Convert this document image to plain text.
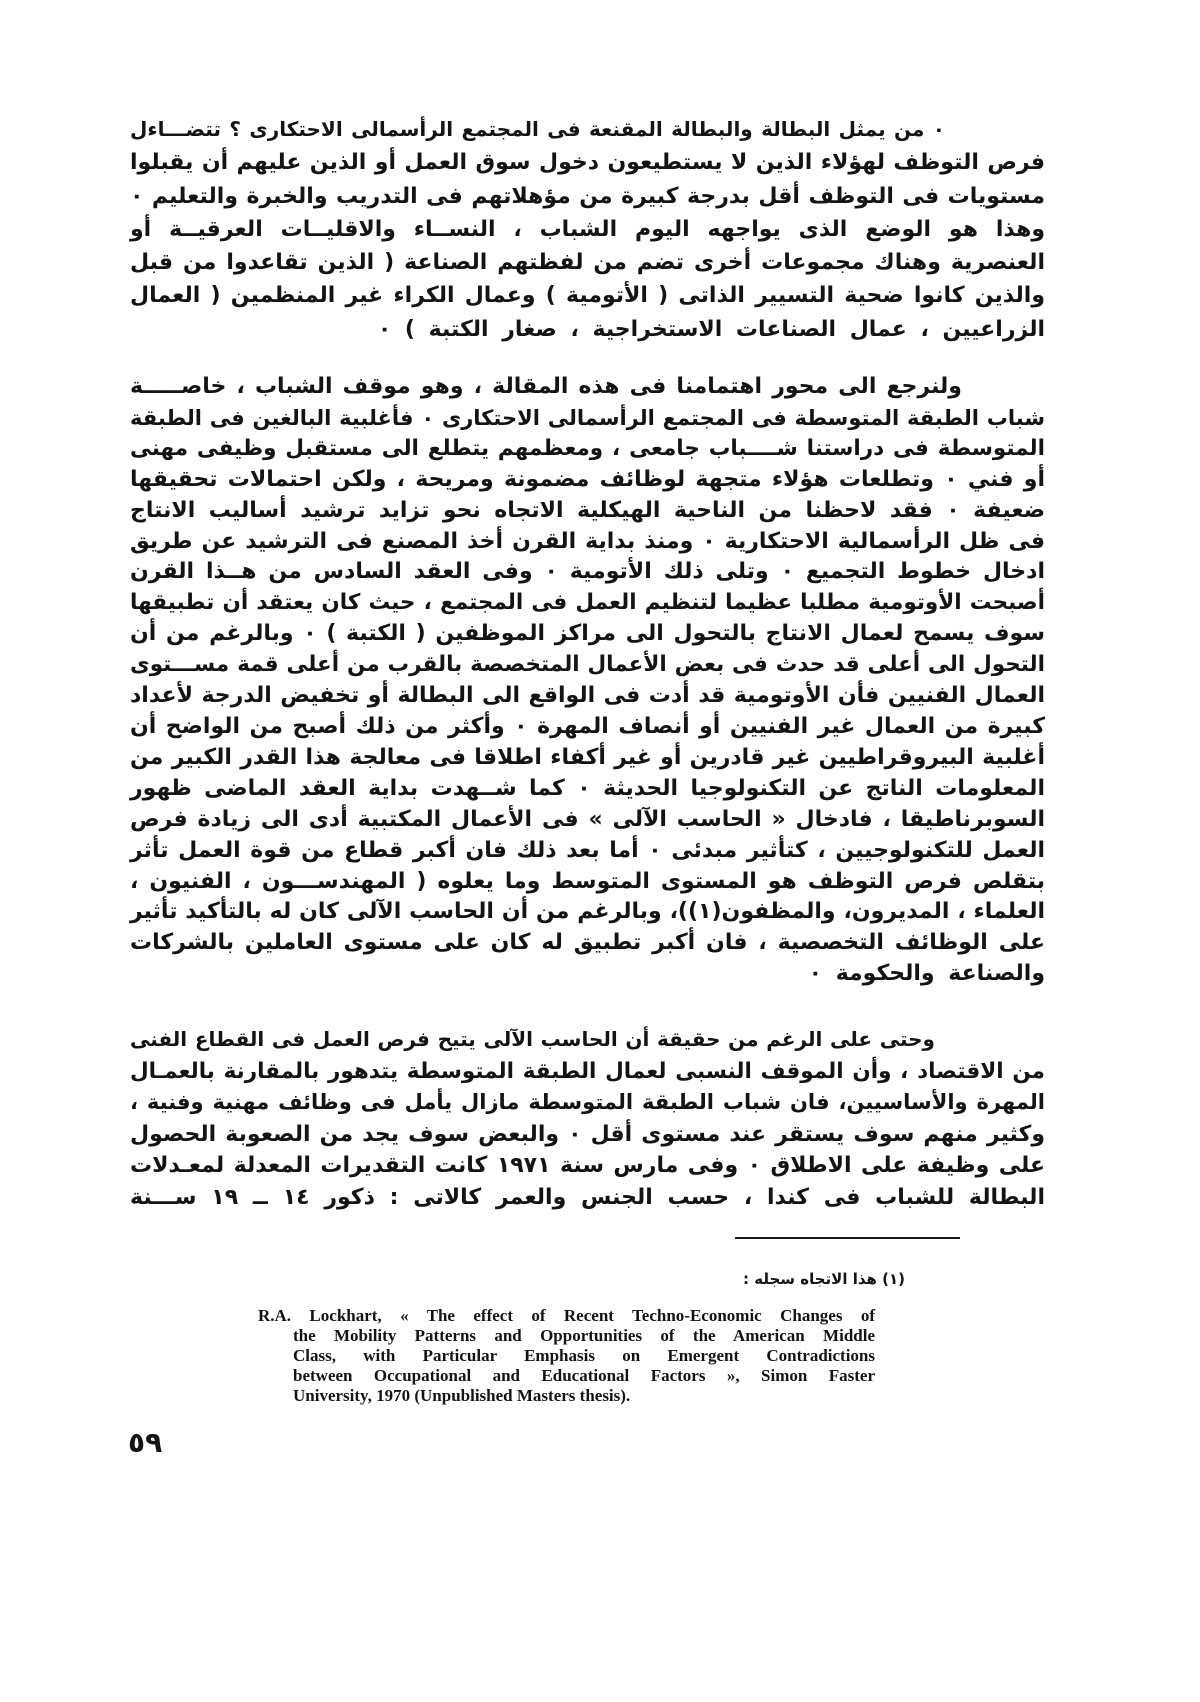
٠ من يمثل البطالة والبطالة المقنعة فى المجتمع الرأسمالى الاحتكارى ؟ تتضـــاءل
فرص التوظف لهؤلاء الذين لا يستطيعون دخول سوق العمل أو الذين عليهم أن يقبلوا
مستويات فى التوظف أقل بدرجة كبيرة من مؤهلاتهم فى التدريب والخبرة والتعليم ٠
وهذا هو الوضع الذى يواجهه اليوم الشباب ، النســاء والاقليــات العرقيــة أو
العنصرية وهناك مجموعات أخرى تضم من لفظتهم الصناعة ( الذين تقاعدوا من قبل
والذين كانوا ضحية التسيير الذاتى ( الأتومية ) وعمال الكراء غير المنظمين ( العمال
الزراعيين ، عمال الصناعات الاستخراجية ، صغار الكتبة ) ٠
ولنرجع الى محور اهتمامنا فى هذه المقالة ، وهو موقف الشباب ، خاصـــــة
شباب الطبقة المتوسطة فى المجتمع الرأسمالى الاحتكارى ٠ فأغلبية البالغين فى الطبقة
المتوسطة فى دراستنا شــــباب جامعى ، ومعظمهم يتطلع الى مستقبل وظيفى مهنى
أو فني ٠ وتطلعات هؤلاء متجهة لوظائف مضمونة ومريحة ، ولكن احتمالات تحقيقها
ضعيفة ٠ فقد لاحظنا من الناحية الهيكلية الاتجاه نحو تزايد ترشيد أساليب الانتاج
فى ظل الرأسمالية الاحتكارية ٠ ومنذ بداية القرن أخذ المصنع فى الترشيد عن طريق
ادخال خطوط التجميع ٠ وتلى ذلك الأتومية ٠ وفى العقد السادس من هــذا القرن
أصبحت الأوتومية مطلبا عظيما لتنظيم العمل فى المجتمع ، حيث كان يعتقد أن تطبيقها
سوف يسمح لعمال الانتاج بالتحول الى مراكز الموظفين ( الكتبة ) ٠ وبالرغم من أن
التحول الى أعلى قد حدث فى بعض الأعمال المتخصصة بالقرب من أعلى قمة مســـتوى
العمال الفنيين فأن الأوتومية قد أدت فى الواقع الى البطالة أو تخفيض الدرجة لأعداد
كبيرة من العمال غير الفنيين أو أنصاف المهرة ٠ وأكثر من ذلك أصبح من الواضح أن
أغلبية البيروقراطيين غير قادرين أو غير أكفاء اطلاقا فى معالجة هذا القدر الكبير من
المعلومات الناتج عن التكنولوجيا الحديثة ٠ كما شــهدت بداية العقد الماضى ظهور
السوبرناطيقا ، فادخال « الحاسب الآلى » فى الأعمال المكتبية أدى الى زيادة فرص
العمل للتكنولوجيين ، كتأثير مبدئى ٠ أما بعد ذلك فان أكبر قطاع من قوة العمل تأثر
بتقلص فرص التوظف هو المستوى المتوسط وما يعلوه ( المهندســـون ، الفنيون ،
العلماء ، المديرون، والمظفون(١))، وبالرغم من أن الحاسب الآلى كان له بالتأكيد تأثير
على الوظائف التخصصية ، فان أكبر تطبيق له كان على مستوى العاملين بالشركات
والصناعة والحكومة ٠
وحتى على الرغم من حقيقة أن الحاسب الآلى يتيح فرص العمل فى القطاع الفنى
من الاقتصاد ، وأن الموقف النسبى لعمال الطبقة المتوسطة يتدهور بالمقارنة بالعمـال
المهرة والأساسيين، فان شباب الطبقة المتوسطة مازال يأمل فى وظائف مهنية وفنية ،
وكثير منهم سوف يستقر عند مستوى أقل ٠ والبعض سوف يجد من الصعوبة الحصول
على وظيفة على الاطلاق ٠ وفى مارس سنة ١٩٧١ كانت التقديرات المعدلة لمعـدلات
البطالة للشباب فى كندا ، حسب الجنس والعمر كالاتى : ذكور ١٤ ــ ١٩ ســـنة
(١) هذا الاتجاه سجله :
R.A. Lockhart, « The effect of Recent Techno-Economic Changes of
the Mobility Patterns and Opportunities of the American Middle
Class, with Particular Emphasis on Emergent Contradictions
between Occupational and Educational Factors », Simon Faster
University, 1970 (Unpublished Masters thesis).
٥٩
